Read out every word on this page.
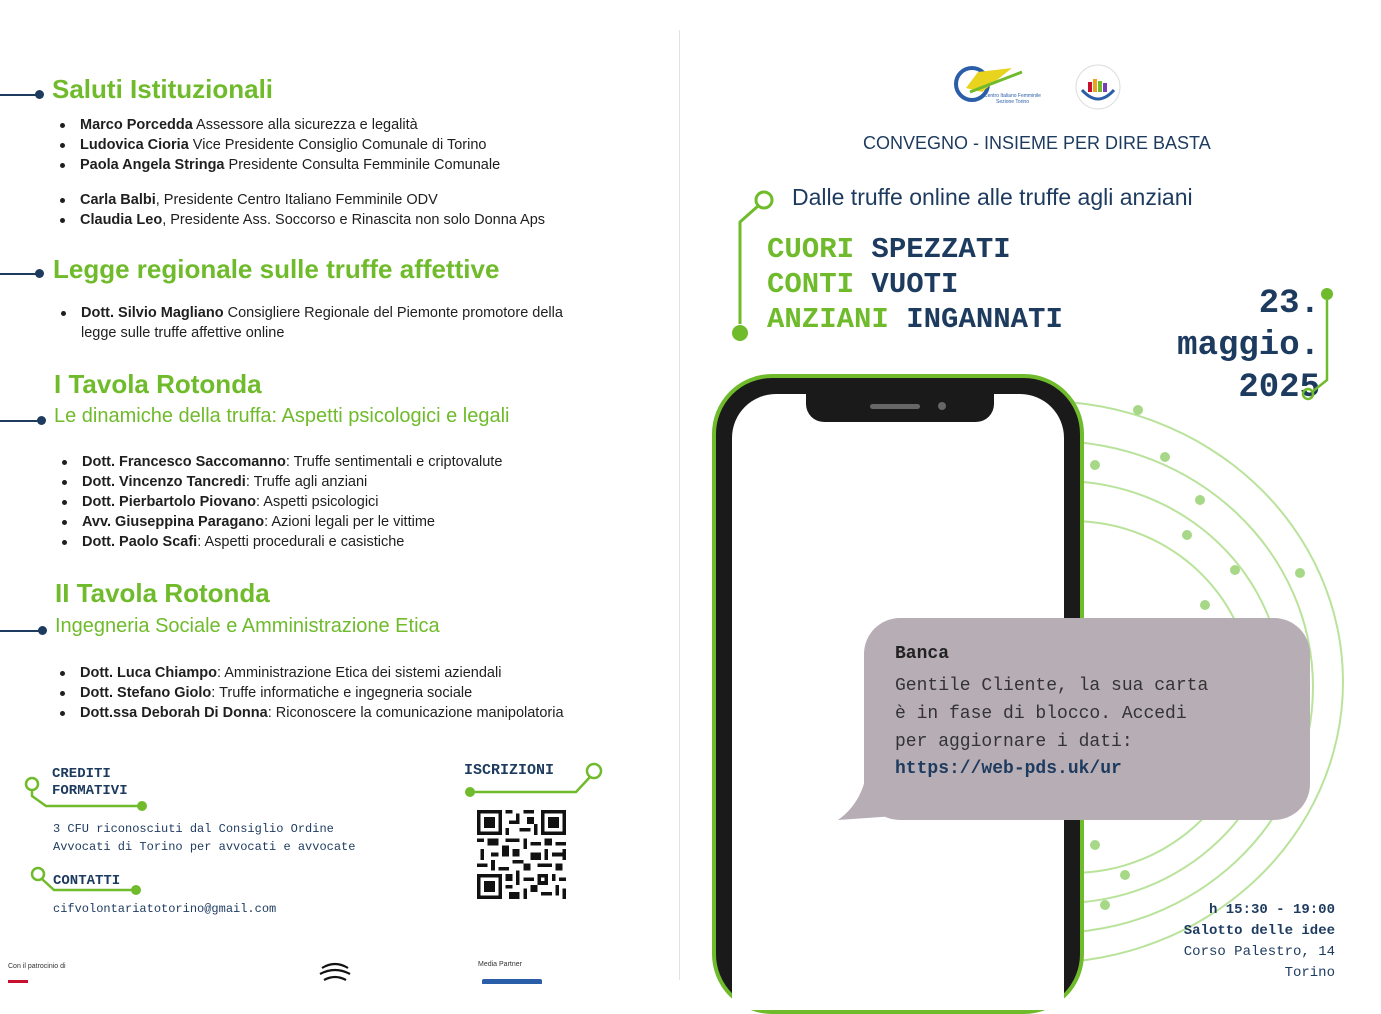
Saluti Istituzionali
Marco Porcedda Assessore alla sicurezza e legalità
Ludovica Cioria Vice Presidente Consiglio Comunale di Torino
Paola Angela Stringa Presidente Consulta Femminile Comunale
Carla Balbi, Presidente Centro Italiano Femminile ODV
Claudia Leo, Presidente Ass. Soccorso e Rinascita non solo Donna Aps
Legge regionale sulle truffe affettive
Dott. Silvio Magliano Consigliere Regionale del Piemonte promotore della
legge sulle truffe affettive online
I Tavola Rotonda
Le dinamiche della truffa: Aspetti psicologici e legali
Dott. Francesco Saccomanno: Truffe sentimentali e criptovalute
Dott. Vincenzo Tancredi: Truffe agli anziani
Dott. Pierbartolo Piovano: Aspetti psicologici
Avv. Giuseppina Paragano: Azioni legali per le vittime
Dott. Paolo Scafi: Aspetti procedurali e casistiche
II Tavola Rotonda
Ingegneria Sociale e Amministrazione Etica
Dott. Luca Chiampo: Amministrazione Etica dei sistemi aziendali
Dott. Stefano Giolo: Truffe informatiche e ingegneria sociale
Dott.ssa Deborah Di Donna: Riconoscere la comunicazione manipolatoria
CREDITI
FORMATIVI
3 CFU riconosciuti dal Consiglio Ordine
Avvocati di Torino per avvocati e avvocate
CONTATTI
cifvolontariatotorino@gmail.com
ISCRIZIONI
Con il patrocinio di	Media Partner
Centro Italiano Femminile
Sezione Torino
CONVEGNO - INSIEME PER DIRE BASTA
Dalle truffe online alle truffe agli anziani
CUORI SPEZZATI
CONTI VUOTI
ANZIANI INGANNATI	23.
maggio.
2025
Banca
Gentile Cliente, la sua carta
è in fase di blocco. Accedi
per aggiornare i dati:
https://web-pds.uk/ur
h 15:30 - 19:00
Salotto delle idee
Corso Palestro, 14
Torino
